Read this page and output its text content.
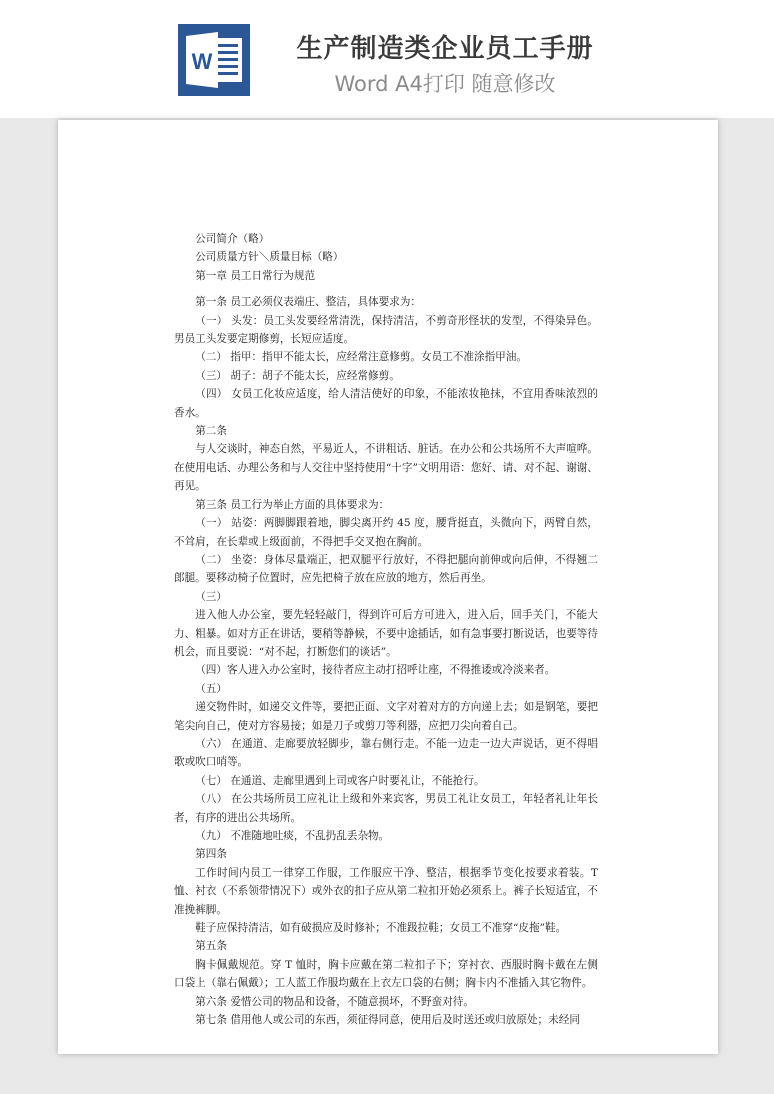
W	生产制造类企业员工手册
Word A4打印 随意修改

公司简介（略）

公司质量方针＼质量目标（略）

第一章 员工日常行为规范

第一条 员工必须仪表端庄、整洁，具体要求为：

（一） 头发：员工头发要经常清洗，保持清洁，不剪奇形怪状的发型，不得染异色。男员工头发要定期修剪，长短应适度。

（二） 指甲：指甲不能太长，应经常注意修剪。女员工不准涂指甲油。

（三） 胡子：胡子不能太长，应经常修剪。

（四） 女员工化妆应适度，给人清洁使好的印象，不能浓妆艳抹，不宜用香味浓烈的香水。

第二条

与人交谈时，神态自然，平易近人，不讲粗话、脏话。在办公和公共场所不大声喧哗。在使用电话、办理公务和与人交往中坚持使用“十字”文明用语：您好、请、对不起、谢谢、再见。

第三条 员工行为举止方面的具体要求为：

（一） 站姿：两脚脚跟着地，脚尖离开约 45 度，腰背挺直，头微向下，两臂自然，不耸肩，在长辈或上级面前，不得把手交叉抱在胸前。

（二） 坐姿：身体尽量端正，把双腿平行放好，不得把腿向前伸或向后伸，不得翘二郎腿。要移动椅子位置时，应先把椅子放在应放的地方，然后再坐。

（三）

进入他人办公室，要先轻轻敲门，得到许可后方可进入，进入后，回手关门，不能大力、粗暴。如对方正在讲话，要稍等静候，不要中途插话，如有急事要打断说话，也要等待机会，而且要说：“对不起，打断您们的谈话”。

（四）客人进入办公室时，接待者应主动打招呼让座，不得推诿或冷淡来者。

（五）

递交物件时，如递交文件等，要把正面、文字对着对方的方向递上去；如是钢笔，要把笔尖向自己，使对方容易接；如是刀子或剪刀等利器，应把刀尖向着自己。

（六） 在通道、走廊要放轻脚步，靠右侧行走。不能一边走一边大声说话，更不得唱歌或吹口哨等。

（七） 在通道、走廊里遇到上司或客户时要礼让，不能抢行。

（八） 在公共场所员工应礼让上级和外来宾客，男员工礼让女员工，年轻者礼让年长者，有序的进出公共场所。

（九） 不准随地吐痰，不乱扔乱丢杂物。

第四条

工作时间内员工一律穿工作服，工作服应干净、整洁，根据季节变化按要求着装。T恤、衬衣（不系领带情况下）或外衣的扣子应从第二粒扣开始必须系上。裤子长短适宜，不准挽裤脚。

鞋子应保持清洁，如有破损应及时修补；不准趿拉鞋；女员工不准穿“皮拖”鞋。

第五条

胸卡佩戴规范。穿 T 恤时，胸卡应戴在第二粒扣子下；穿衬衣、西服时胸卡戴在左侧口袋上（靠右佩戴）；工人蓝工作服均戴在上衣左口袋的右侧；胸卡内不准插入其它物件。

第六条 爱惜公司的物品和设备，不随意损坏，不野蛮对待。

第七条 借用他人或公司的东西，须征得同意，使用后及时送还或归放原处；未经同
